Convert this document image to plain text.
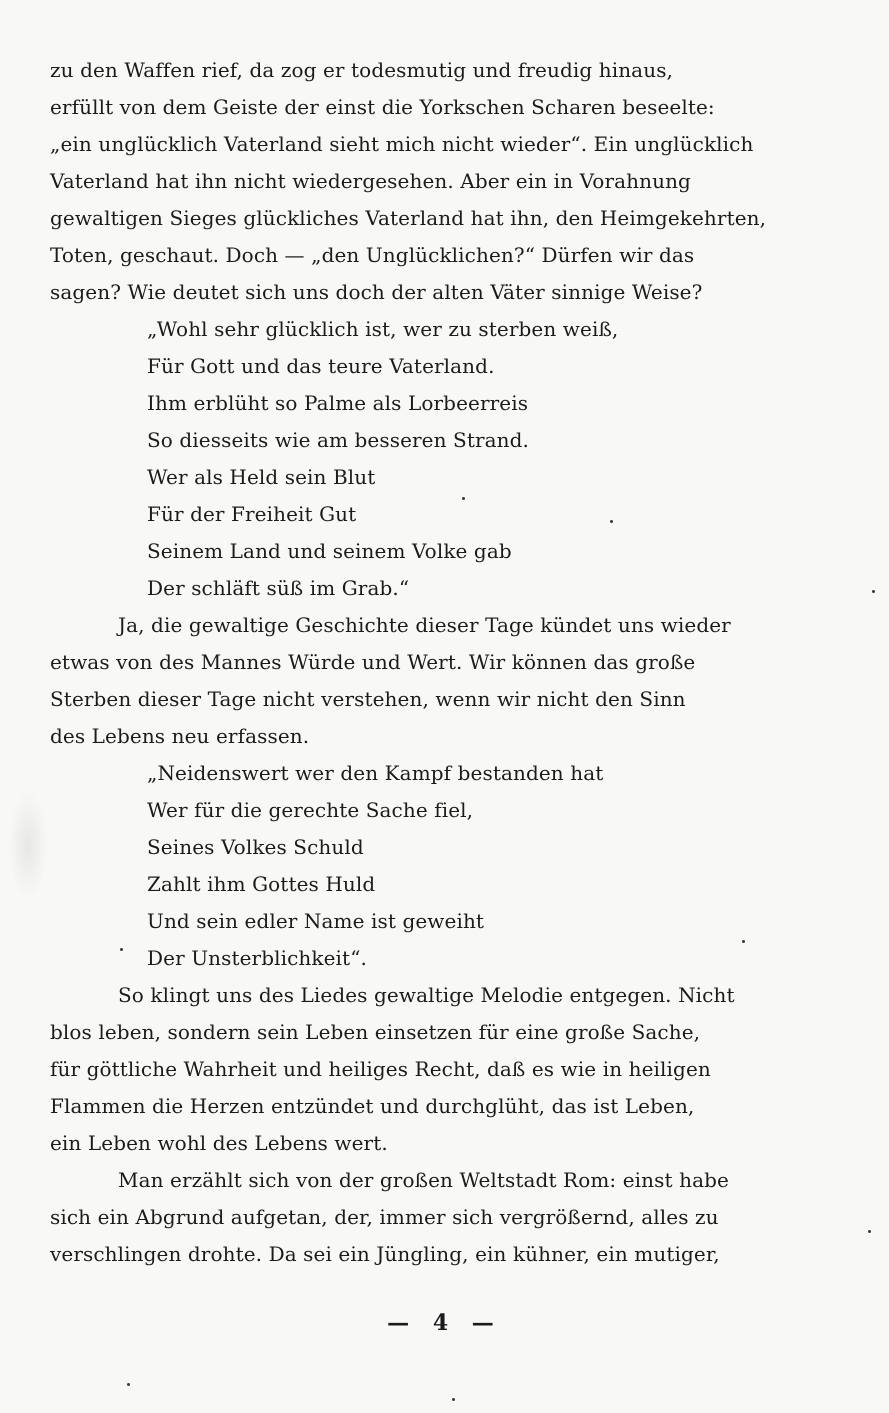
zu den Waffen rief, da zog er todesmutig und freudig hinaus,
erfüllt von dem Geiste der einst die Yorkschen Scharen beseelte:
„ein unglücklich Vaterland sieht mich nicht wieder“. Ein unglücklich
Vaterland hat ihn nicht wiedergesehen. Aber ein in Vorahnung
gewaltigen Sieges glückliches Vaterland hat ihn, den Heimgekehrten,
Toten, geschaut. Doch — „den Unglücklichen?“ Dürfen wir das
sagen? Wie deutet sich uns doch der alten Väter sinnige Weise?
„Wohl sehr glücklich ist, wer zu sterben weiß,
Für Gott und das teure Vaterland.
Ihm erblüht so Palme als Lorbeerreis
So diesseits wie am besseren Strand.
Wer als Held sein Blut
Für der Freiheit Gut
Seinem Land und seinem Volke gab
Der schläft süß im Grab.“
Ja, die gewaltige Geschichte dieser Tage kündet uns wieder
etwas von des Mannes Würde und Wert. Wir können das große
Sterben dieser Tage nicht verstehen, wenn wir nicht den Sinn
des Lebens neu erfassen.
„Neidenswert wer den Kampf bestanden hat
Wer für die gerechte Sache fiel,
Seines Volkes Schuld
Zahlt ihm Gottes Huld
Und sein edler Name ist geweiht
Der Unsterblichkeit“.
So klingt uns des Liedes gewaltige Melodie entgegen. Nicht
blos leben, sondern sein Leben einsetzen für eine große Sache,
für göttliche Wahrheit und heiliges Recht, daß es wie in heiligen
Flammen die Herzen entzündet und durchglüht, das ist Leben,
ein Leben wohl des Lebens wert.
Man erzählt sich von der großen Weltstadt Rom: einst habe
sich ein Abgrund aufgetan, der, immer sich vergrößernd, alles zu
verschlingen drohte. Da sei ein Jüngling, ein kühner, ein mutiger,
— 4 —
